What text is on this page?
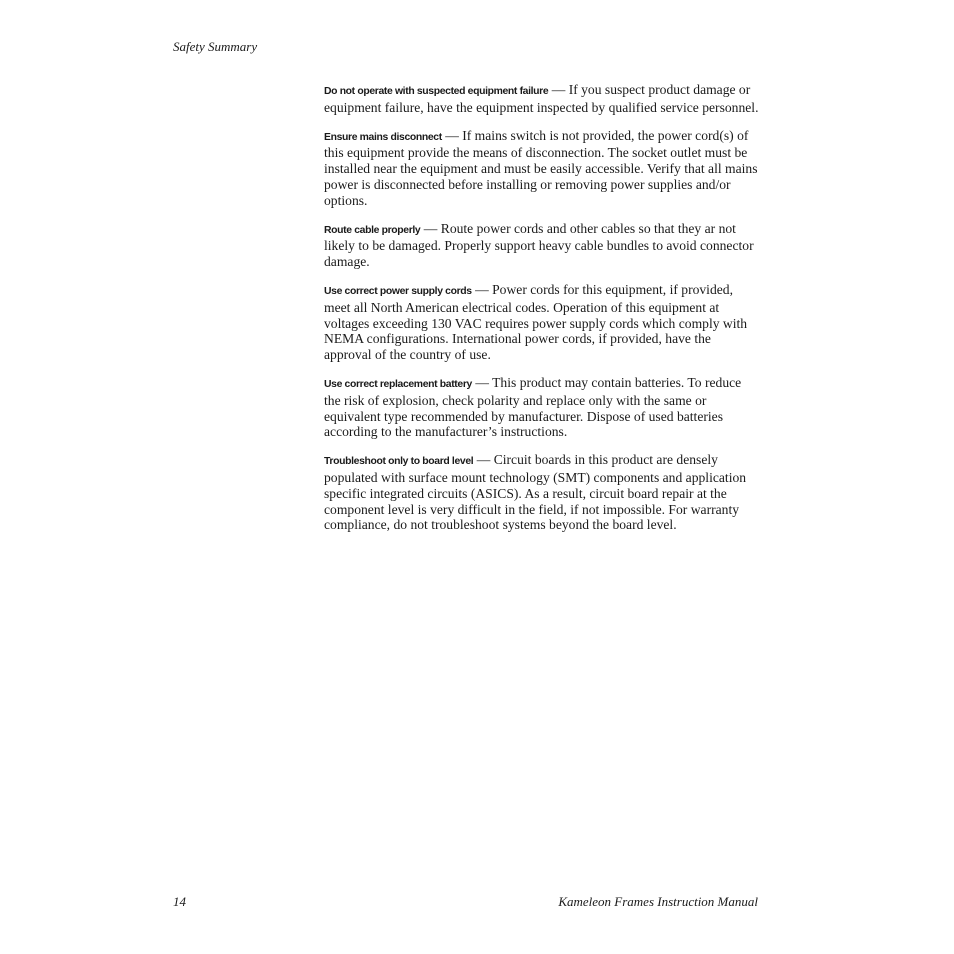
Safety Summary

Do not operate with suspected equipment failure — If you suspect product damage or equipment failure, have the equipment inspected by qualified service personnel.

Ensure mains disconnect — If mains switch is not provided, the power cord(s) of this equipment provide the means of disconnection. The socket outlet must be installed near the equipment and must be easily accessible. Verify that all mains power is disconnected before installing or removing power supplies and/or options.

Route cable properly — Route power cords and other cables so that they ar not likely to be damaged. Properly support heavy cable bundles to avoid connector damage.

Use correct power supply cords — Power cords for this equipment, if provided, meet all North American electrical codes. Operation of this equipment at voltages exceeding 130 VAC requires power supply cords which comply with NEMA configurations. International power cords, if provided, have the approval of the country of use.

Use correct replacement battery — This product may contain batteries. To reduce the risk of explosion, check polarity and replace only with the same or equivalent type recommended by manufacturer. Dispose of used batteries according to the manufacturer’s instructions.

Troubleshoot only to board level — Circuit boards in this product are densely populated with surface mount technology (SMT) components and application specific integrated circuits (ASICS). As a result, circuit board repair at the component level is very difficult in the field, if not impossible. For warranty compliance, do not troubleshoot systems beyond the board level.

14	Kameleon Frames Instruction Manual
